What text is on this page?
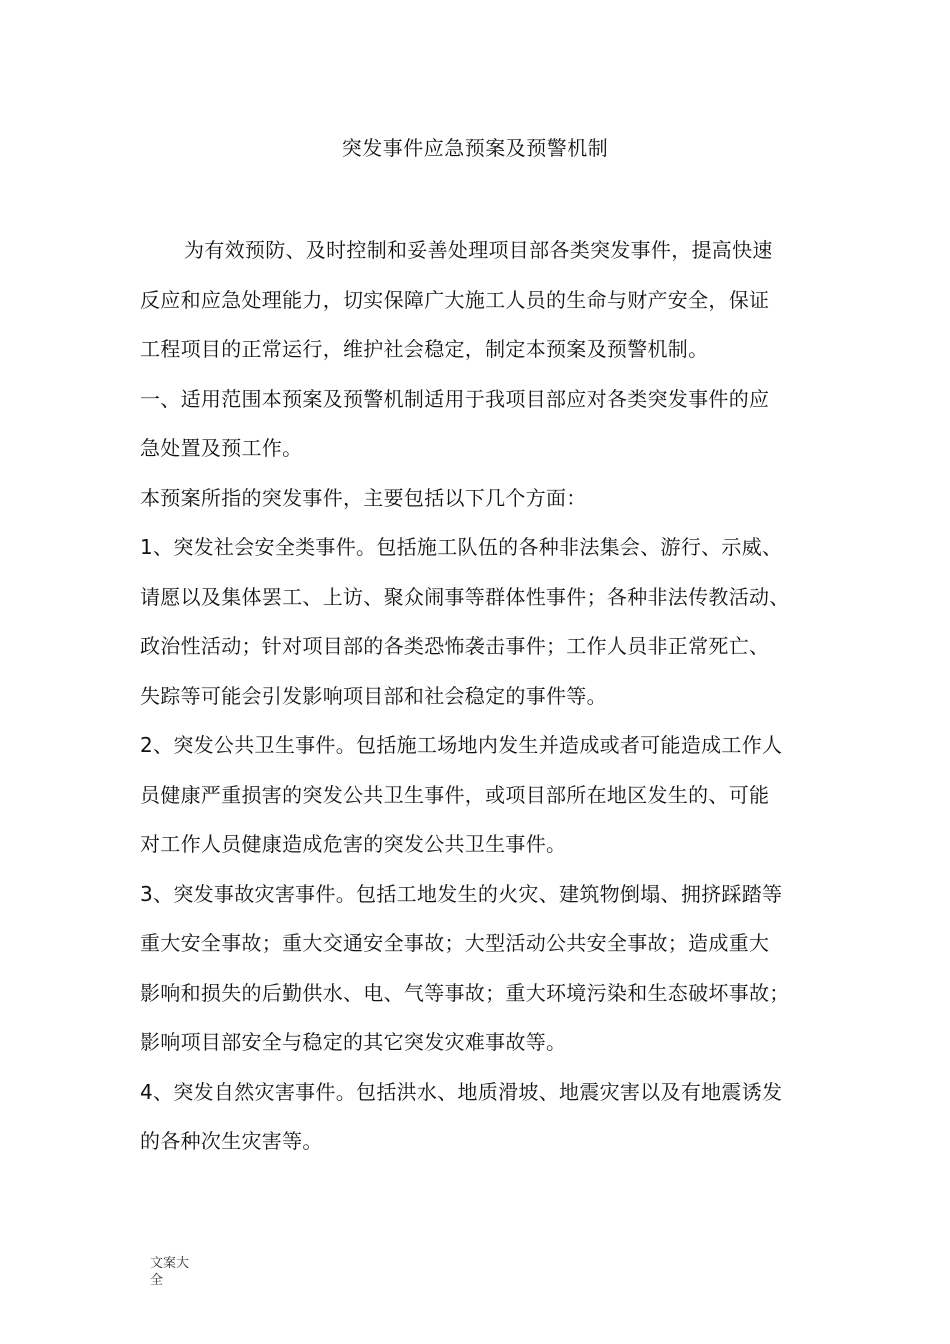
突发事件应急预案及预警机制
为有效预防、及时控制和妥善处理项目部各类突发事件，提高快速
反应和应急处理能力，切实保障广大施工人员的生命与财产安全，保证
工程项目的正常运行，维护社会稳定，制定本预案及预警机制。
一、适用范围本预案及预警机制适用于我项目部应对各类突发事件的应
急处置及预工作。
本预案所指的突发事件，主要包括以下几个方面：
1、突发社会安全类事件。包括施工队伍的各种非法集会、游行、示威、
请愿以及集体罢工、上访、聚众闹事等群体性事件；各种非法传教活动、
政治性活动；针对项目部的各类恐怖袭击事件；工作人员非正常死亡、
失踪等可能会引发影响项目部和社会稳定的事件等。
2、突发公共卫生事件。包括施工场地内发生并造成或者可能造成工作人
员健康严重损害的突发公共卫生事件，或项目部所在地区发生的、可能
对工作人员健康造成危害的突发公共卫生事件。
3、突发事故灾害事件。包括工地发生的火灾、建筑物倒塌、拥挤踩踏等
重大安全事故；重大交通安全事故；大型活动公共安全事故；造成重大
影响和损失的后勤供水、电、气等事故；重大环境污染和生态破坏事故；
影响项目部安全与稳定的其它突发灾难事故等。
4、突发自然灾害事件。包括洪水、地质滑坡、地震灾害以及有地震诱发
的各种次生灾害等。
文案大
全
